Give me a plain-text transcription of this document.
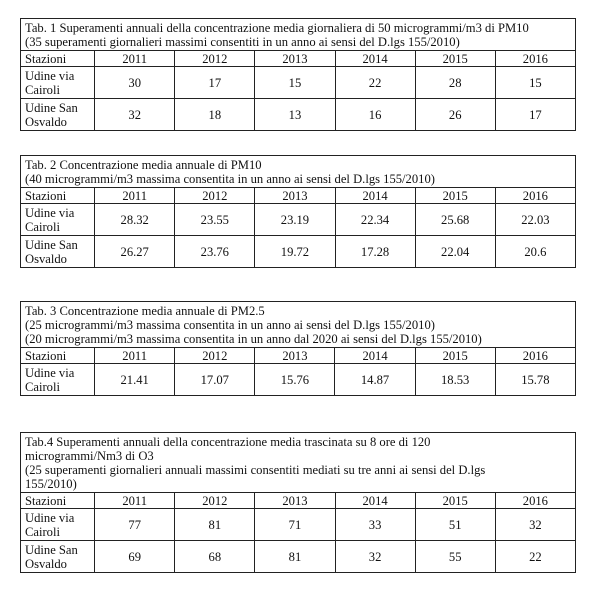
Tab. 1 Superamenti annuali della concentrazione media giornaliera di 50 microgrammi/m3 di PM10
(35 superamenti giornalieri massimi consentiti in un anno ai sensi del D.lgs 155/2010)						

Stazioni	2011	2012	2013	2014	2015	2016

Udine via
Cairoli	30	17	15	22	28	15

Udine San
Osvaldo	32	18	13	16	26	17
Tab. 2 Concentrazione media annuale di PM10
(40 microgrammi/m3 massima consentita in un anno ai sensi del D.lgs 155/2010)						

Stazioni	2011	2012	2013	2014	2015	2016

Udine via
Cairoli	28.32	23.55	23.19	22.34	25.68	22.03

Udine San
Osvaldo	26.27	23.76	19.72	17.28	22.04	20.6
Tab. 3 Concentrazione media annuale di PM2.5
(25 microgrammi/m3 massima consentita in un anno ai sensi del D.lgs 155/2010)
(20 microgrammi/m3 massima consentita in un anno dal 2020 ai sensi del D.lgs 155/2010)						

Stazioni	2011	2012	2013	2014	2015	2016

Udine via
Cairoli	21.41	17.07	15.76	14.87	18.53	15.78
Tab.4 Superamenti annuali della concentrazione media trascinata su 8 ore di 120
microgrammi/Nm3 di O3
(25 superamenti giornalieri annuali massimi consentiti mediati su tre anni ai sensi del D.lgs
155/2010)						

Stazioni	2011	2012	2013	2014	2015	2016

Udine via
Cairoli	77	81	71	33	51	32

Udine San
Osvaldo	69	68	81	32	55	22
